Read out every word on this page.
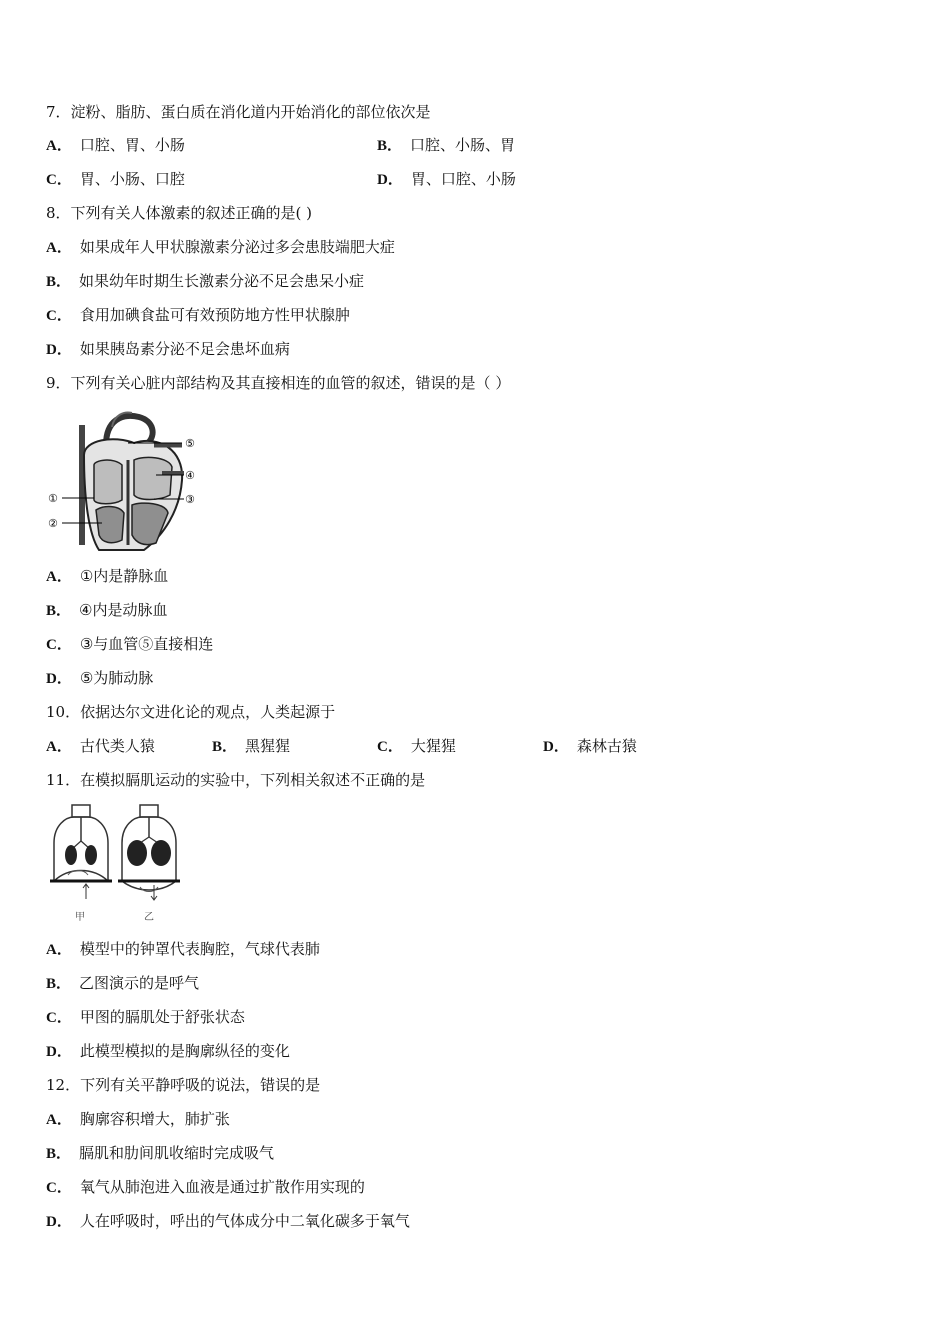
7．淀粉、脂肪、蛋白质在消化道内开始消化的部位依次是
A． 口腔、胃、小肠	B． 口腔、小肠、胃
C． 胃、小肠、口腔	D． 胃、口腔、小肠
8．下列有关人体激素的叙述正确的是( )
A． 如果成年人甲状腺激素分泌过多会患肢端肥大症
B． 如果幼年时期生长激素分泌不足会患呆小症
C． 食用加碘食盐可有效预防地方性甲状腺肿
D． 如果胰岛素分泌不足会患坏血病
9．下列有关心脏内部结构及其直接相连的血管的叙述，错误的是（ ）
⑤
④
③
①
②
A． ①内是静脉血
B． ④内是动脉血
C． ③与血管⑤直接相连
D． ⑤为肺动脉
10．依据达尔文进化论的观点，人类起源于
A． 古代类人猿	B． 黑猩猩	C． 大猩猩	D． 森林古猿
11．在模拟膈肌运动的实验中，下列相关叙述不正确的是
甲	乙
A． 模型中的钟罩代表胸腔，气球代表肺
B． 乙图演示的是呼气
C． 甲图的膈肌处于舒张状态
D． 此模型模拟的是胸廓纵径的变化
12．下列有关平静呼吸的说法，错误的是
A． 胸廓容积增大，肺扩张
B． 膈肌和肋间肌收缩时完成吸气
C． 氧气从肺泡进入血液是通过扩散作用实现的
D． 人在呼吸时，呼出的气体成分中二氧化碳多于氧气
